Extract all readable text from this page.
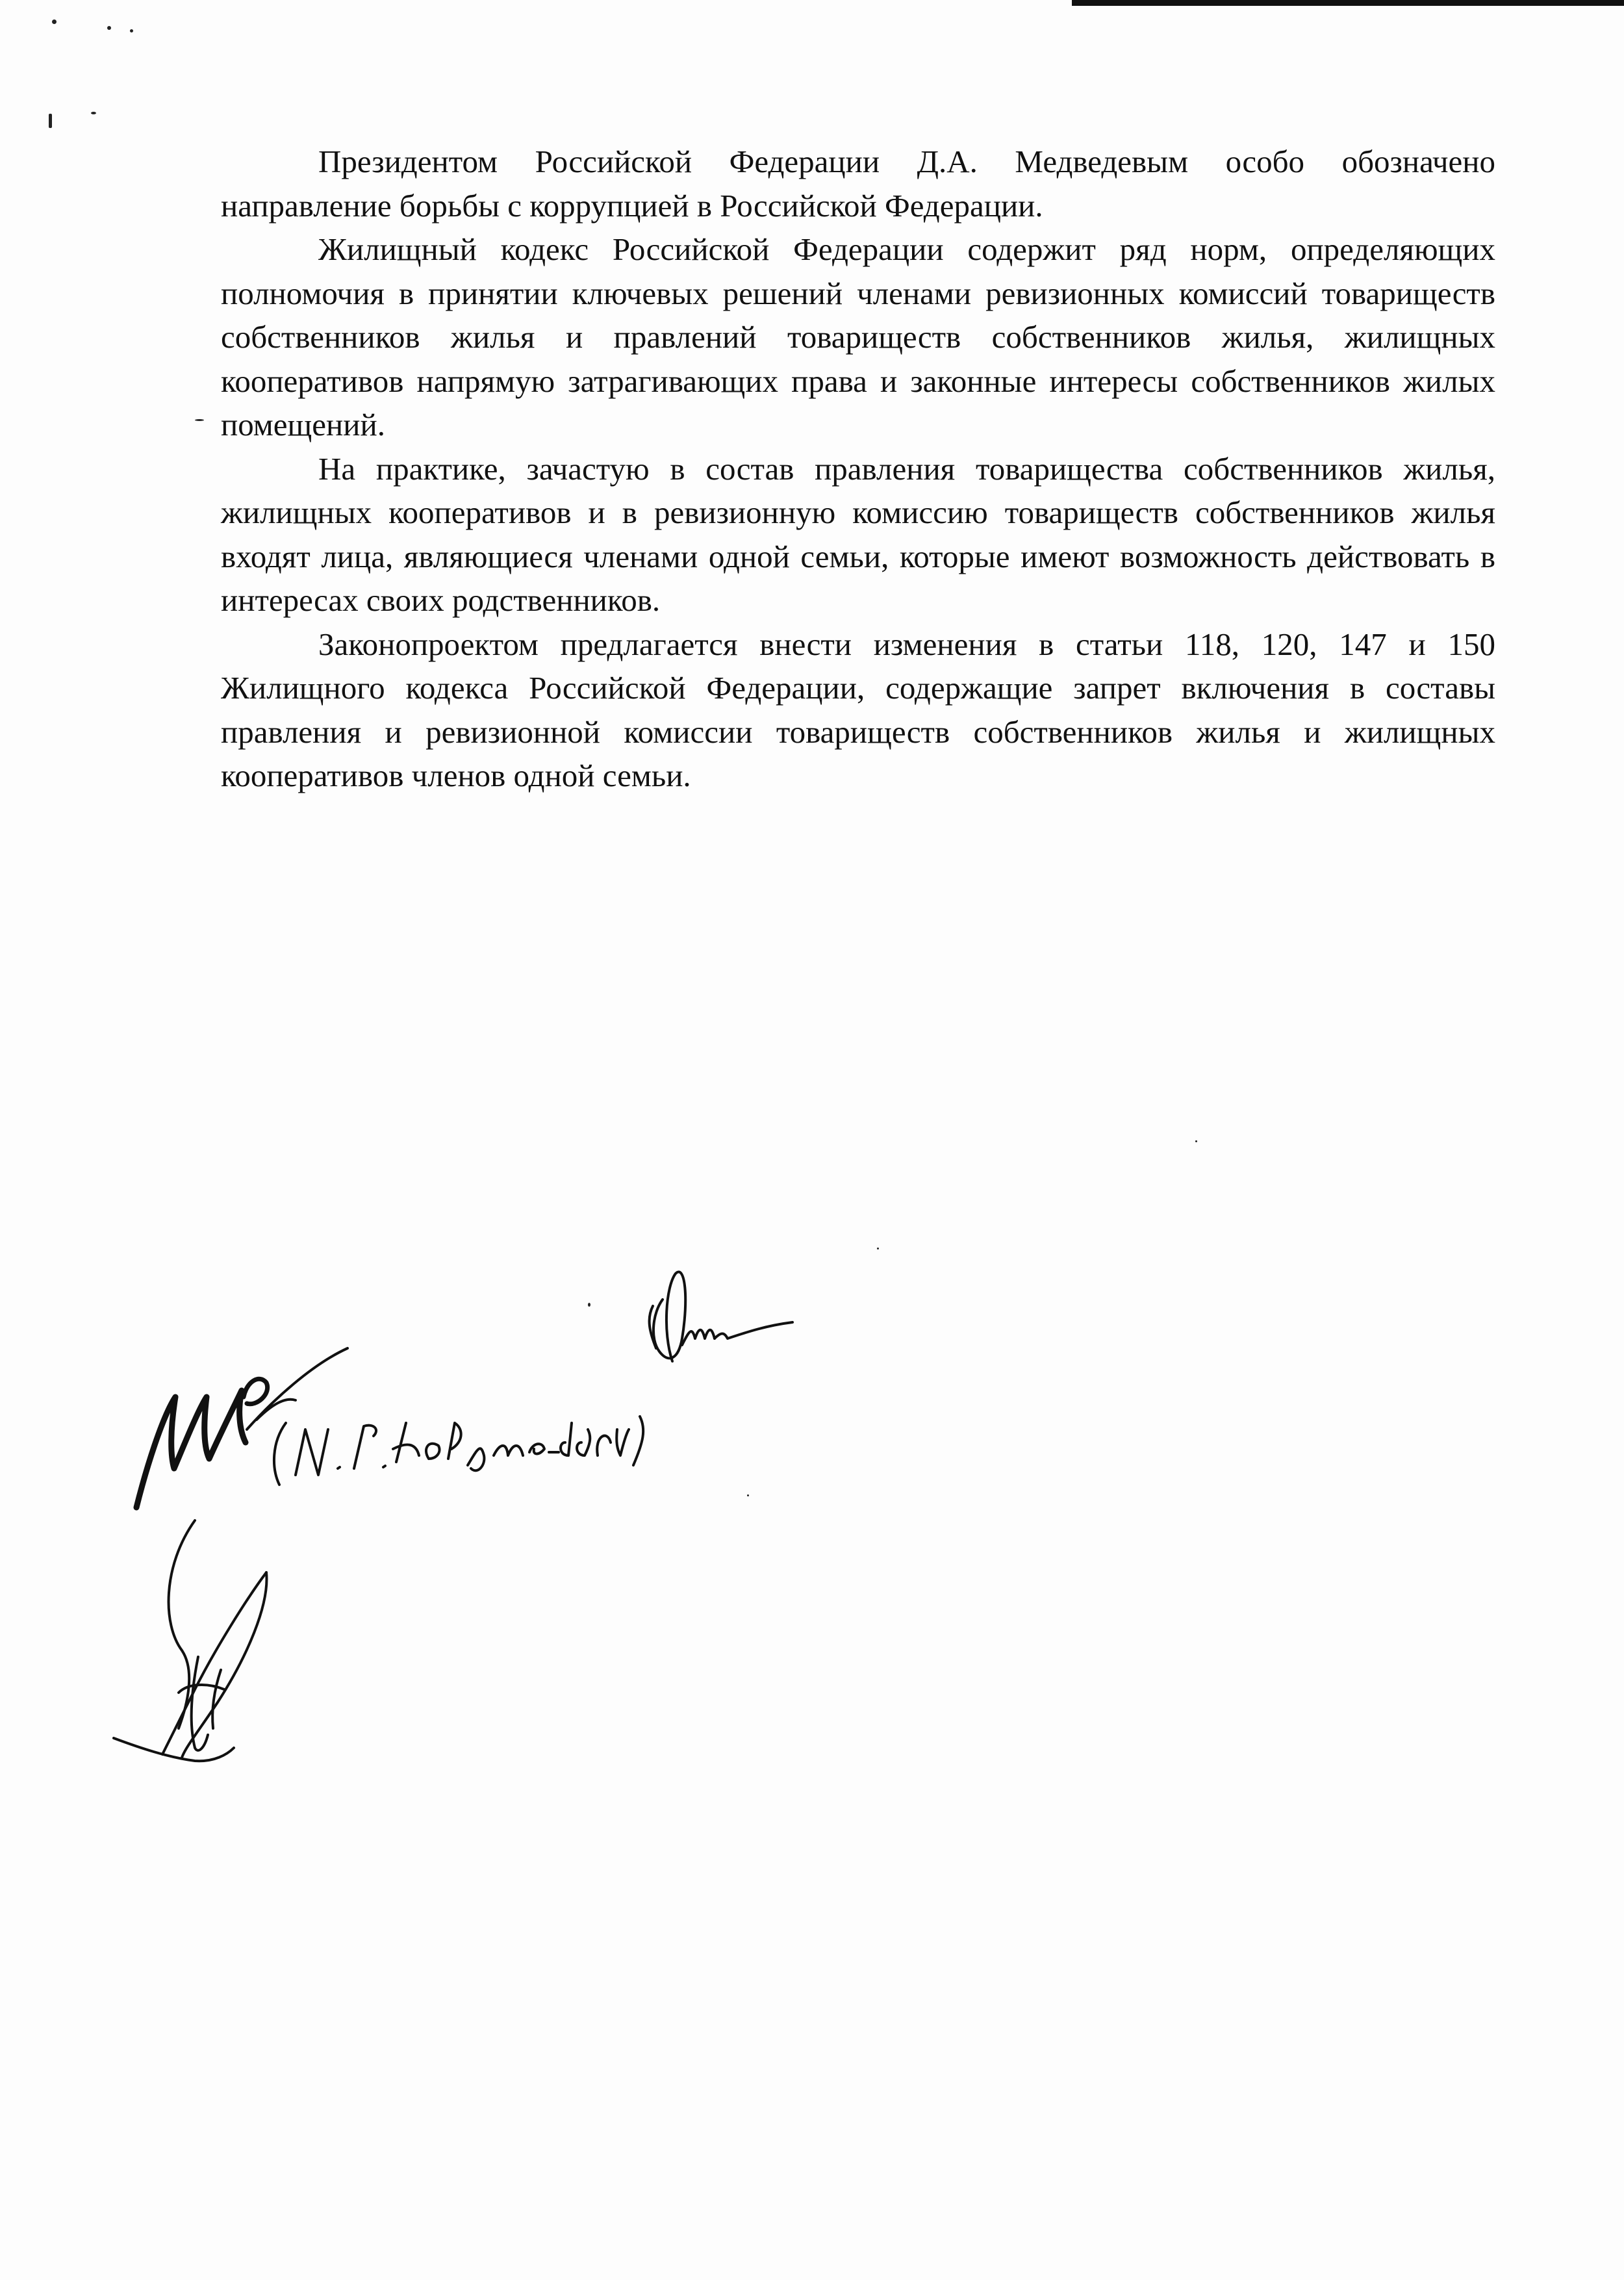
Президентом Российской Федерации Д.А. Медведевым особо обозначено направление борьбы с коррупцией в Российской Федерации.

Жилищный кодекс Российской Федерации содержит ряд норм, определяющих полномочия в принятии ключевых решений членами ревизионных комиссий товариществ собственников жилья и правлений товариществ собственников жилья, жилищных кооперативов напрямую затрагивающих права и законные интересы собственников жилых помещений.

На практике, зачастую в состав правления товарищества собственников жилья, жилищных кооперативов и в ревизионную комиссию товариществ собственников жилья входят лица, являющиеся членами одной семьи, которые имеют возможность действовать в интересах своих родственников.

Законопроектом предлагается внести изменения в статьи 118, 120, 147 и 150 Жилищного кодекса Российской Федерации, содержащие запрет включения в составы правления и ревизионной комиссии товариществ собственников жилья и жилищных кооперативов членов одной семьи.
